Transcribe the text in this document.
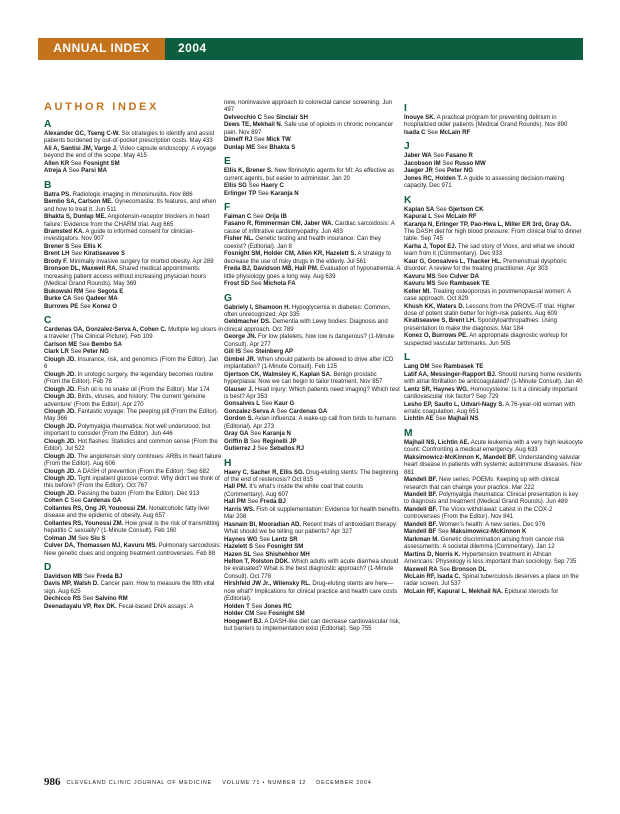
ANNUAL INDEX	2004
AUTHOR INDEX
A
Alexander GC, Tseng C-W. Six strategies to identify and assist patients burdened by out-of-pocket prescription costs. May 433
Ali A, Santisi JM, Vargo J. Video capsule endoscopy: A voyage beyond the end of the scope. May 415
Allen KR See Fosnight SM
Atreja A See Parsi MA
B
Batra PS. Radiologic imaging in rhinosinusitis. Nov 886
Bembo SA, Carlson ME. Gynecomastia: Its features, and when and how to treat it. Jun 511
Bhakta S, Dunlap ME. Angiotensin-receptor blockers in heart failure: Evidence from the CHARM trial. Aug 665
Bramsted KA. A guide to informed consent for clinician-investigators. Nov 907
Brener S See Ellis K
Brent LH See Kiratiseavee S
Brody F. Minimally invasive surgery for morbid obesity. Apr 289
Bronson DL, Maxwell RA. Shared medical appointments: Increasing patient access without increasing physician hours (Medical Grand Rounds). May 369
Bukowski RM See Segota E
Burke CA See Qadeer MA
Burrows PE See Konez O
C
Cardenas GA, Gonzalez-Serva A, Cohen C. Multiple leg ulcers in a traveler (The Clinical Picture). Feb 109
Carlson ME See Bembo SA
Clark LR See Peter NG
Clough JD. Insurance, risk, and genomics (From the Editor). Jan 6
Clough JD. In urologic surgery, the legendary becomes routine (From the Editor). Feb 78
Clough JD. Fish oil is no snake oil (From the Editor). Mar 174
Clough JD. Birds, viruses, and history: The current ‘genuine adventure’ (From the Editor). Apr 270
Clough JD. Fantastic voyage: The peeping pill (From the Editor). May 366
Clough JD. Polymyalgia rheumatica: Not well understood, but important to consider (From the Editor). Jun 446
Clough JD. Hot flashes: Statistics and common sense (From the Editor). Jul 522
Clough JD. The angiotensin story continues: ARBs in heart failure (From the Editor). Aug 606
Clough JD. A DASH of prevention (From the Editor). Sep 682
Clough JD. Tight inpatient glucose control: Why didn’t we think of this before? (From the Editor). Oct 767
Clough JD. Passing the baton (From the Editor). Dec 913
Cohen C See Cardenas GA
Collantes RS, Ong JP, Younossi ZM. Nonalcoholic fatty liver disease and the epidemic of obesity. Aug 657
Collantes RS, Younossi ZM. How great is the risk of transmitting hepatitis C sexually? (1-Minute Consult). Feb 160
Colman JM See Siu S
Culver DA, Thomassen MJ, Kavuru MS. Pulmonary sarcoidosis: New genetic clues and ongoing treatment controversies. Feb 88
D
Davidson MB See Freda BJ
Davis MP, Walsh D. Cancer pain: How to measure the fifth vital sign. Aug 625
Dechicco RS See Salvino RM
Deenadayalu VP, Rex DK. Fecal-based DNA assays: A
new, noninvasive approach to colorectal cancer screening. Jun 497
Delvecchio C See Sinclair SH
Dews TE, Mekhail N. Safe use of opioids in chronic noncancer pain. Nov 897
Dimeff RJ See Mick TW
Dunlap ME See Bhakta S
E
Ellis K, Brener S. New fibrinolytic agents for MI: As effective as current agents, but easier to administer. Jan 20
Ellis SG See Haery C
Erlinger TP See Karanja N
F
Faiman C See Orija IB
Fasano R, Rimmerman CM, Jaber WA. Cardiac sarcoidosis: A cause of infiltrative cardiomyopathy. Jun 483
Fisher NL. Genetic testing and health insurance: Can they coexist? (Editorial). Jan 8
Fosnight SM, Holder CM, Allen KR, Hazelett S. A strategy to decrease the use of risky drugs in the elderly. Jul 561
Freda BJ, Davidson MB, Hall PM. Evaluation of hyponatremia: A little physiology goes a long way. Aug 639
Frost SD See Michota FA
G
Gabriely I, Shamoon H. Hypoglycemia in diabetes: Common, often unrecognized. Apr 335
Geldmacher DS. Dementia with Lewy bodies: Diagnosis and clinical approach. Oct 789
George JN. For low platelets, how low is dangerous? (1-Minute Consult). Apr 277
Gill IS See Steinberg AP
Gimbel JR. When should patients be allowed to drive after ICD implantation? (1-Minute Consult). Feb 125
Gjertson CK, Walmsley K, Kaplan SA. Benign prostatic hyperplasia: Now we can begin to tailor treatment. Nov 857
Glauser J. Head injury: Which patients need imaging? Which test is best? Apr 353
Gonsalves L See Kaur G
Gonzalez-Serva A See Cardenas GA
Gordon S. Avian influenza: A wake-up call from birds to humans (Editorial). Apr 273
Gray GA See Karanja N
Griffin B See Reginelli JP
Gutierrez J See Seballos RJ
H
Haery C, Sacher R, Ellis SG. Drug-eluting stents: The beginning of the end of restenosis? Oct 815
Hall PM. It’s what’s inside the white coat that counts (Commentary). Aug 607
Hall PM See Freda BJ
Harris WS. Fish oil supplementation: Evidence for health benefits. Mar 208
Hasnain BI, Mooradian AD. Recent trials of antioxidant therapy: What should we be telling our patients? Apr 327
Haynes WG See Lentz SR
Hazelett S See Fosnight SM
Hazen SL See Shishehbor MH
Helton T, Rolston DDK. Which adults with acute diarrhea should be evaluated? What is the best diagnostic approach? (1-Minute Consult). Oct 778
Hirshfeld JW Jr., Wilensky RL. Drug-eluting stents are here—now what? Implications for clinical practice and health care costs (Editorial).
Holden T See Jones RC
Holder CM See Fosnight SM
Hoogwerf BJ. A DASH-like diet can decrease cardiovascular risk, but barriers to implementation exist (Editorial). Sep 755
I
Inouye SK. A practical program for preventing delirium in hospitalized older patients (Medical Grand Rounds). Nov 890
Isada C See McLain RF
J
Jaber WA See Fasano R
Jacobson IM See Russo MW
Jaeger JR See Peter NG
Jones RC, Holden T. A guide to assessing decision-making capacity. Dec 971
K
Kaplan SA See Gjertson CK
Kapural L See McLain RF
Karanja N, Erlinger TP, Pao-Hwa L, Miller ER 3rd, Gray GA. The DASH diet for high blood pressure: From clinical trial to dinner table. Sep 745
Karha J, Topol EJ. The sad story of Vioxx, and what we should learn from it (Commentary). Dec 933
Kaur G, Gonsalves L, Thacker HL. Premenstrual dysphoric disorder: A review for the treating practitioner. Apr 303
Kavuru MS See Culver DA
Kavuru MS See Rambasek TE
Keller MI. Treating osteoporosis in postmenopausal women: A case approach. Oct 829
Khush KK, Waters D. Lessons from the PROVE-IT trial. Higher dose of potent statin better for high-risk patients. Aug 609
Kiratiseavee S, Brent LH. Spondyloarthropathies: Using presentation to make the diagnosis. Mar 184
Konez O, Burrows PE. An appropriate diagnostic workup for suspected vascular birthmarks. Jun 505
L
Lang DM See Rambasek TE
Latif AA, Messinger-Rapport BJ. Should nursing home residents with atrial fibrillation be anticoagulated? (1-Minute Consult). Jan 40
Lentz SR, Haynes WG. Homocysteine: Is it a clinically important cardiovascular risk factor? Sep 729
Lesho EP, Saullo L, Udvari-Nagy S. A 76-year-old woman with erratic coagulation. Aug 651
Lichtin AE See Majhail NS
M
Majhail NS, Lichtin AE. Acute leukemia with a very high leukocyte count: Confronting a medical emergency. Aug 633
Maksimowicz-McKinnon K, Mandell BF. Understanding valvular heart disease in patients with systemic autoimmune diseases. Nov 881
Mandell BF. New series. POEMs: Keeping up with clinical research that can change your practice. Mar 222
Mandell BF. Polymyalgia rheumatica: Clinical presentation is key to diagnosis and treatment (Medical Grand Rounds). Jun 489
Mandell BF. The Vioxx withdrawal: Latest in the COX-2 controversies (From the Editor). Nov 841
Mandell BF. Women’s health: A new series. Dec 976
Mandell BF See Maksimowicz-McKinnon K
Markman M. Genetic discrimination arising from cancer risk assessments: A societal dilemma (Commentary). Jan 12
Martins D, Norris K. Hypertension treatment in African Americans: Physiology is less important than sociology. Sep 735
Maxwell RA See Bronson DL
McLain RF, Isada C. Spinal tuberculosis deserves a place on the radar screen. Jul 537
McLain RF, Kapural L, Mekhail NA. Epidural steroids for
986 CLEVELAND CLINIC JOURNAL OF MEDICINE VOLUME 71 • NUMBER 12 DECEMBER 2004
